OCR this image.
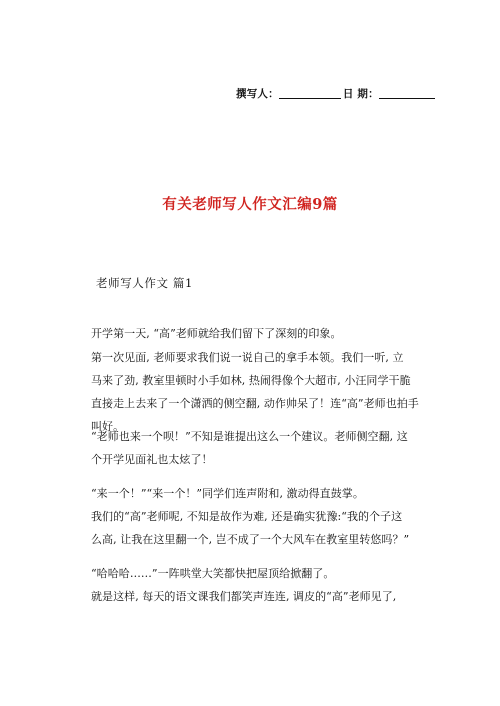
撰写人：	日 期：
有关老师写人作文汇编9篇
老师写人作文 篇1

开学第一天, “高”老师就给我们留下了深刻的印象。

第一次见面, 老师要求我们说一说自己的拿手本领。我们一听, 立
马来了劲, 教室里顿时小手如林, 热闹得像个大超市, 小汪同学干脆
直接走上去来了一个潇洒的侧空翻, 动作帅呆了！连“高”老师也拍手
叫好。

“老师也来一个呗！”不知是谁提出这么一个建议。老师侧空翻, 这
个开学见面礼也太炫了！

“来一个！”“来一个！”同学们连声附和, 激动得直鼓掌。

我们的“高”老师呢, 不知是故作为难, 还是确实犹豫:“我的个子这
么高, 让我在这里翻一个, 岂不成了一个大风车在教室里转悠吗？”

“哈哈哈……”一阵哄堂大笑都快把屋顶给掀翻了。

就是这样, 每天的语文课我们都笑声连连, 调皮的“高”老师见了,
